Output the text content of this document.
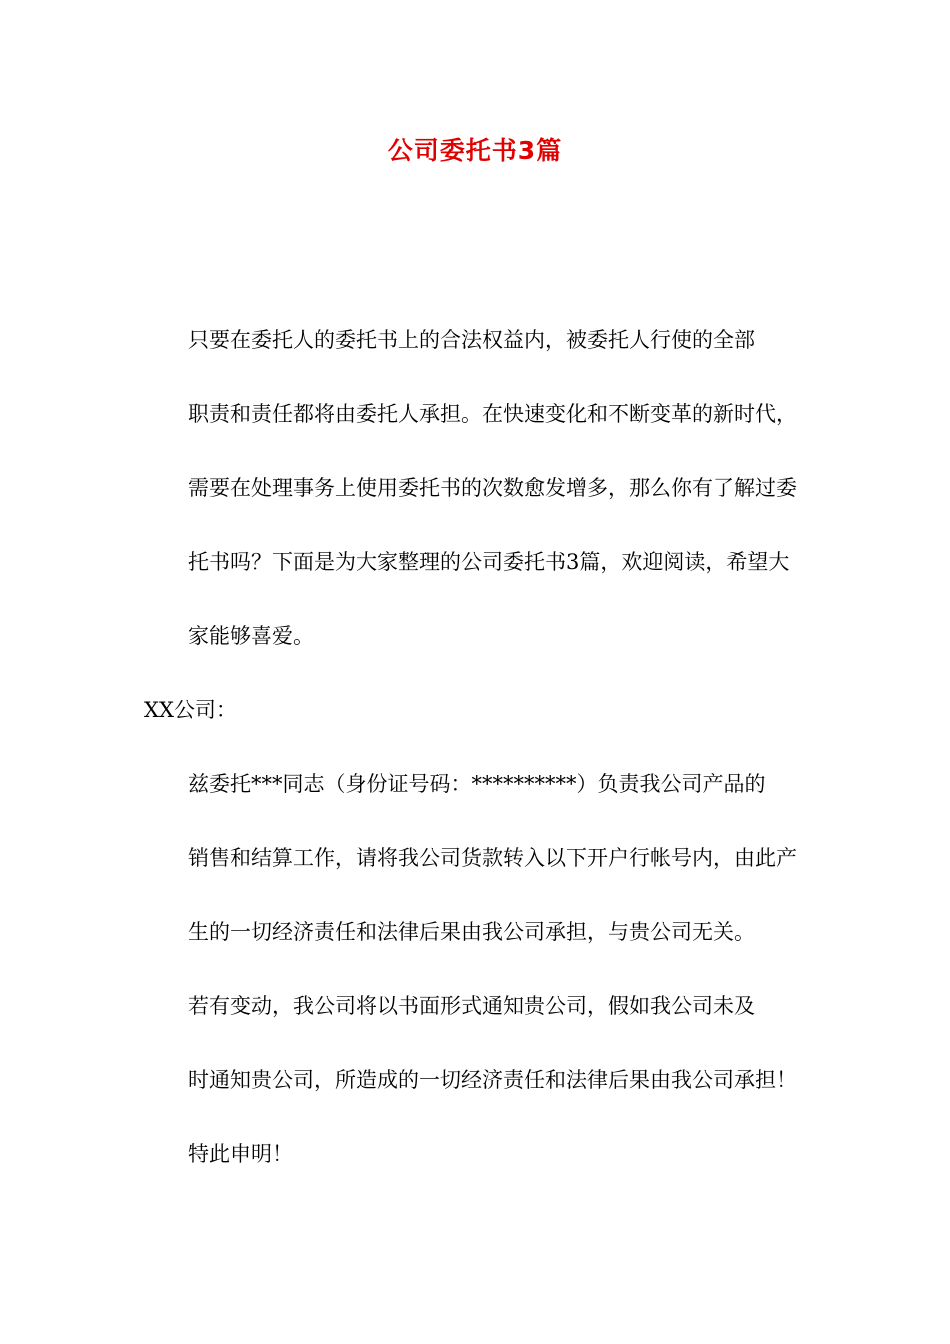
公司委托书3篇

只要在委托人的委托书上的合法权益内，被委托人行使的全部
职责和责任都将由委托人承担。在快速变化和不断变革的新时代，
需要在处理事务上使用委托书的次数愈发增多，那么你有了解过委
托书吗？下面是为大家整理的公司委托书3篇，欢迎阅读，希望大
家能够喜爱。

XX公司：

兹委托***同志（身份证号码：**********）负责我公司产品的
销售和结算工作，请将我公司货款转入以下开户行帐号内，由此产
生的一切经济责任和法律后果由我公司承担，与贵公司无关。

若有变动，我公司将以书面形式通知贵公司，假如我公司未及
时通知贵公司，所造成的一切经济责任和法律后果由我公司承担！

特此申明！
